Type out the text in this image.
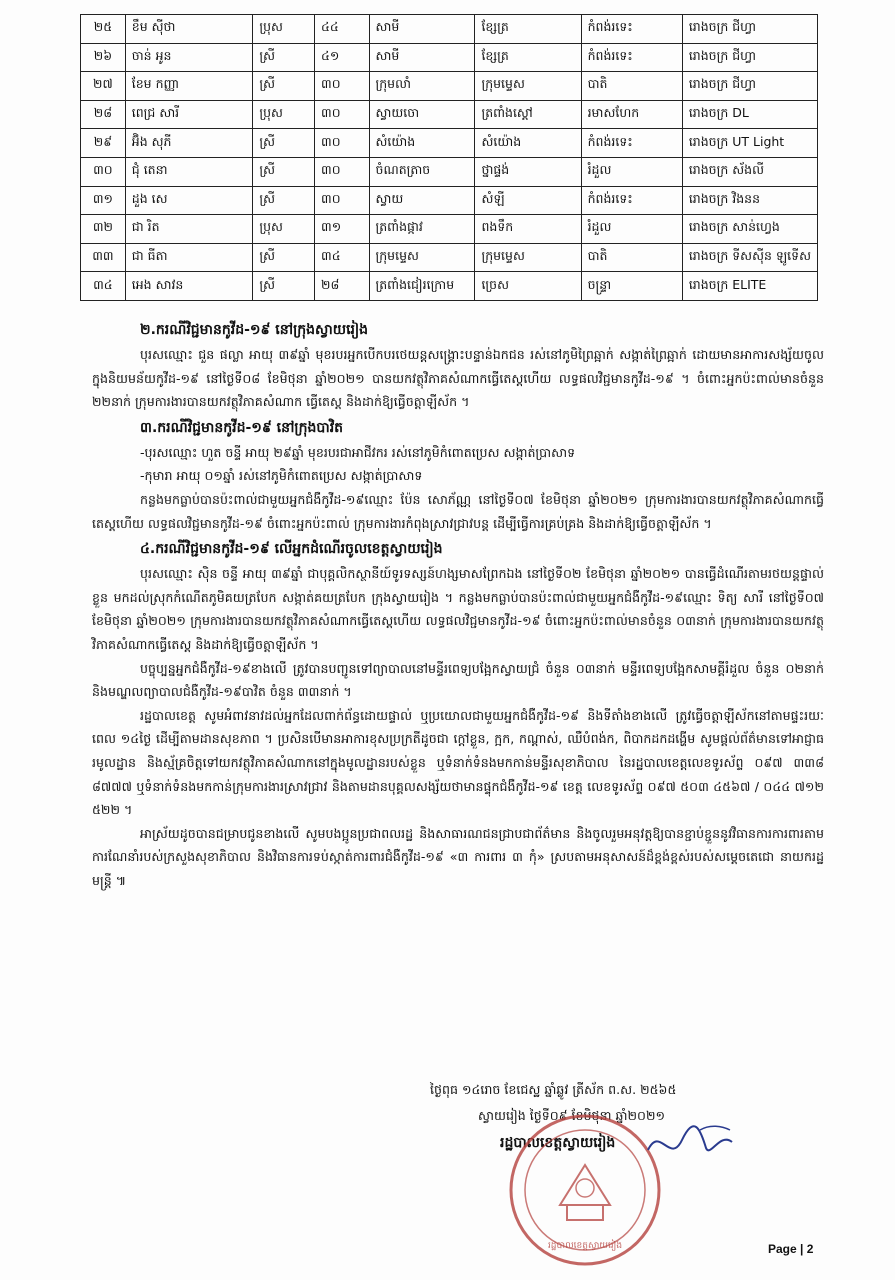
២៥	ខឹម ស៊ីថា	ប្រុស	៤៤	សាមី	ខ្សែត្រ	កំពង់រទេះ	រោងចក្រ ជីហ្វា
២៦	ចាន់ អូន	ស្រី	៤១	សាមី	ខ្សែត្រ	កំពង់រទេះ	រោងចក្រ ជីហ្វា
២៧	ខែម កញ្ញា	ស្រី	៣០	ក្រុមលាំ	ក្រុមម្ទេស	បាតិ	រោងចក្រ ជីហ្វា
២៨	ពេជ្រ សារី	ប្រុស	៣០	ស្វាយចោ	ត្រពាំងស្ដៅ	រមាសហែក	រោងចក្រ DL
២៩	អ៊ិង សុភី	ស្រី	៣០	សំយ៉ោង	សំយ៉ោង	កំពង់រទេះ	រោងចក្រ UT Light
៣០	ជុំ តេនា	ស្រី	៣០	ចំណតត្រាច	ថ្នាផ្ទង់	រំដួល	រោងចក្រ ស័ងលី
៣១	ដួង សេ	ស្រី	៣០	ស្វាយ	សំឡី	កំពង់រទេះ	រោងចក្រ វិងនន
៣២	ជា រិត	ប្រុស	៣១	ត្រពាំងផ្កាវ	ពងទឹក	រំដួល	រោងចក្រ សាន់ហ្វេង
៣៣	ជា ធីតា	ស្រី	៣៤	ក្រុមម្ទេស	ក្រុមម្ទេស	បាតិ	រោងចក្រ ទីសស៊ីន ឡូទើស
៣៤	អេង សាវន	ស្រី	២៨	ត្រពាំងជៀរក្រោម	ច្រេស	ចន្ទ្រា	រោងចក្រ ELITE
២.ករណីវិជ្ជមានកូវីដ-១៩ នៅក្រុងស្វាយរៀង

បុរសឈ្មោះ ជួន ផល្លា អាយុ ៣៩ឆ្នាំ មុខរបរអ្នកបើកបរថេយន្ដសង្គ្រោះបន្ទាន់ឯកជន រស់នៅភូមិព្រៃឆ្អាក់ សង្កាត់ព្រៃឆ្អាក់ ដោយមានអាការសង្ស័យចូលក្នុងនិយមន័យកូវីដ-១៩ នៅថ្ងៃទី០៨ ខែមិថុនា ឆ្នាំ២០២១ បានយកវត្ថុវិភាគសំណាកធ្វើតេស្តហើយ លទ្ធផលវិជ្ជមានកូវីដ-១៩ ។ ចំពោះអ្នកប៉ះពាល់មានចំនួន ២២នាក់ ក្រុមការងារបានយកវត្ថុវិភាគសំណាក ធ្វើតេស្ត និងដាក់ឱ្យធ្វើចត្តាឡីស័ក ។

៣.ករណីវិជ្ជមានកូវីដ-១៩ នៅក្រុងបាវិត

-បុរសឈ្មោះ ហួត ចន្ទី អាយុ ២៩ឆ្នាំ មុខរបរជាអាជីវករ រស់នៅភូមិកំពោតប្រេស សង្កាត់ប្រាសាទ

-កុមារា អាយុ ០១ឆ្នាំ រស់នៅភូមិកំពោតប្រេស សង្កាត់ប្រាសាទ

កន្លងមកធ្លាប់បានប៉ះពាល់ជាមួយអ្នកជំងឺកូវីដ-១៩ឈ្មោះ ប៉ែន សោភ័ណ្ណ នៅថ្ងៃទី០៧ ខែមិថុនា ឆ្នាំ២០២១ ក្រុមការងារបានយកវត្ថុវិភាគសំណាកធ្វើតេស្តហើយ លទ្ធផលវិជ្ជមានកូវីដ-១៩ ចំពោះអ្នកប៉ះពាល់ ក្រុមការងារកំពុងស្រាវជ្រាវបន្ត ដើម្បីធ្វើការគ្រប់គ្រង និងដាក់ឱ្យធ្វើចត្តាឡីស័ក ។

៤.ករណីវិជ្ជមានកូវីដ-១៩ លើអ្នកដំណើរចូលខេត្តស្វាយរៀង

បុរសឈ្មោះ ស៊ិន ចន្ទី អាយុ ៣៩ឆ្នាំ ជាបុគ្គលិកស្ថានីយ៍ទូរទស្សន៍ហង្សមាសព្រែកឯង នៅថ្ងៃទី០២ ខែមិថុនា ឆ្នាំ២០២១ បានធ្វើដំណើរតាមរថយន្តផ្ទាល់ខ្លួន មកដល់ស្រុកកំណើតភូមិគយត្របែក សង្កាត់គយត្របែក ក្រុងស្វាយរៀង ។ កន្លងមកធ្លាប់បានប៉ះពាល់ជាមួយអ្នកជំងឺកូវីដ-១៩ឈ្មោះ ទិត្យ សារី នៅថ្ងៃទី០៧ ខែមិថុនា ឆ្នាំ២០២១ ក្រុមការងារបានយកវត្ថុវិភាគសំណាកធ្វើតេស្តហើយ លទ្ធផលវិជ្ជមានកូវីដ-១៩ ចំពោះអ្នកប៉ះពាល់មានចំនួន ០៣នាក់ ក្រុមការងារបានយកវត្ថុវិភាគសំណាកធ្វើតេស្ត និងដាក់ឱ្យធ្វើចត្តាឡីស័ក ។

បច្ចុប្បន្នអ្នកជំងឺកូវីដ-១៩ខាងលើ ត្រូវបានបញ្ជូនទៅព្យាបាលនៅមន្ទីរពេទ្យបង្អែកស្វាយជ្រំ ចំនួន ០៣នាក់ មន្ទីរពេទ្យបង្អែកសាមគ្គីរំដួល ចំនួន ០២នាក់ និងមណ្ឌលព្យាបាលជំងឺកូវីដ-១៩បាវិត ចំនួន ៣៣នាក់ ។

រដ្ឋបាលខេត្ត សូមអំពាវនាវដល់អ្នកដែលពាក់ព័ន្ធដោយផ្ទាល់ ឬប្រយោលជាមួយអ្នកជំងឺកូវីដ-១៩ និងទីតាំងខាងលើ ត្រូវធ្វើចត្តាឡីស័កនៅតាមផ្ទះរយៈពេល ១៤ថ្ងៃ ដើម្បីតាមដានសុខភាព ។ ប្រសិនបើមានអាការខុសប្រក្រតីដូចជា ក្ដៅខ្លួន, ក្អក, កណ្ដាស់, ឈឺបំពង់ក, ពិបាកដកដង្ហើម សូមផ្ដល់ព័ត៌មានទៅអាជ្ញាធរមូលដ្ឋាន និងស្ម័គ្រចិត្តទៅយកវត្ថុវិភាគសំណាកនៅក្នុងមូលដ្ឋានរបស់ខ្លួន ឬទំនាក់ទំនងមកកាន់មន្ទីរសុខាភិបាល នៃរដ្ឋបាលខេត្តលេខទូរស័ព្ទ ០៩៧ ៣៣៨ ៨៧៧៧ ឬទំនាក់ទំនងមកកាន់ក្រុមការងារស្រាវជ្រាវ និងតាមដានបុគ្គលសង្ស័យថាមានផ្ទុកជំងឺកូវីដ-១៩ ខេត្ត លេខទូរស័ព្ទ ០៩៧ ៥០៣ ៤៥៦៧ / ០៤៤ ៧១២ ៥២២ ។

អាស្រ័យដូចបានជម្រាបជូនខាងលើ សូមបងប្អូនប្រជាពលរដ្ឋ និងសាធារណជនជ្រាបជាព័ត៌មាន និងចូលរួមអនុវត្តឱ្យបានខ្ជាប់ខ្ជួននូវវិធានការការពារតាមការណែនាំរបស់ក្រសួងសុខាភិបាល និងវិធានការទប់ស្កាត់ការពារជំងឺកូវីដ-១៩ «៣ ការពារ ៣ កុំ» ស្របតាមអនុសាសន៍ដ៏ខ្ពង់ខ្ពស់របស់សម្ដេចតេជោ នាយករដ្ឋមន្ត្រី ៕

ថ្ងៃពុធ ១៤រោច ខែជេស្ឋ ឆ្នាំឆ្លូវ ត្រីស័ក ព.ស. ២៥៦៥
ស្វាយរៀង ថ្ងៃទី០៩ ខែមិថុនា ឆ្នាំ២០២១
រដ្ឋបាលខេត្តស្វាយរៀង
រដ្ឋបាលខេត្តស្វាយរៀង	Page | 2
